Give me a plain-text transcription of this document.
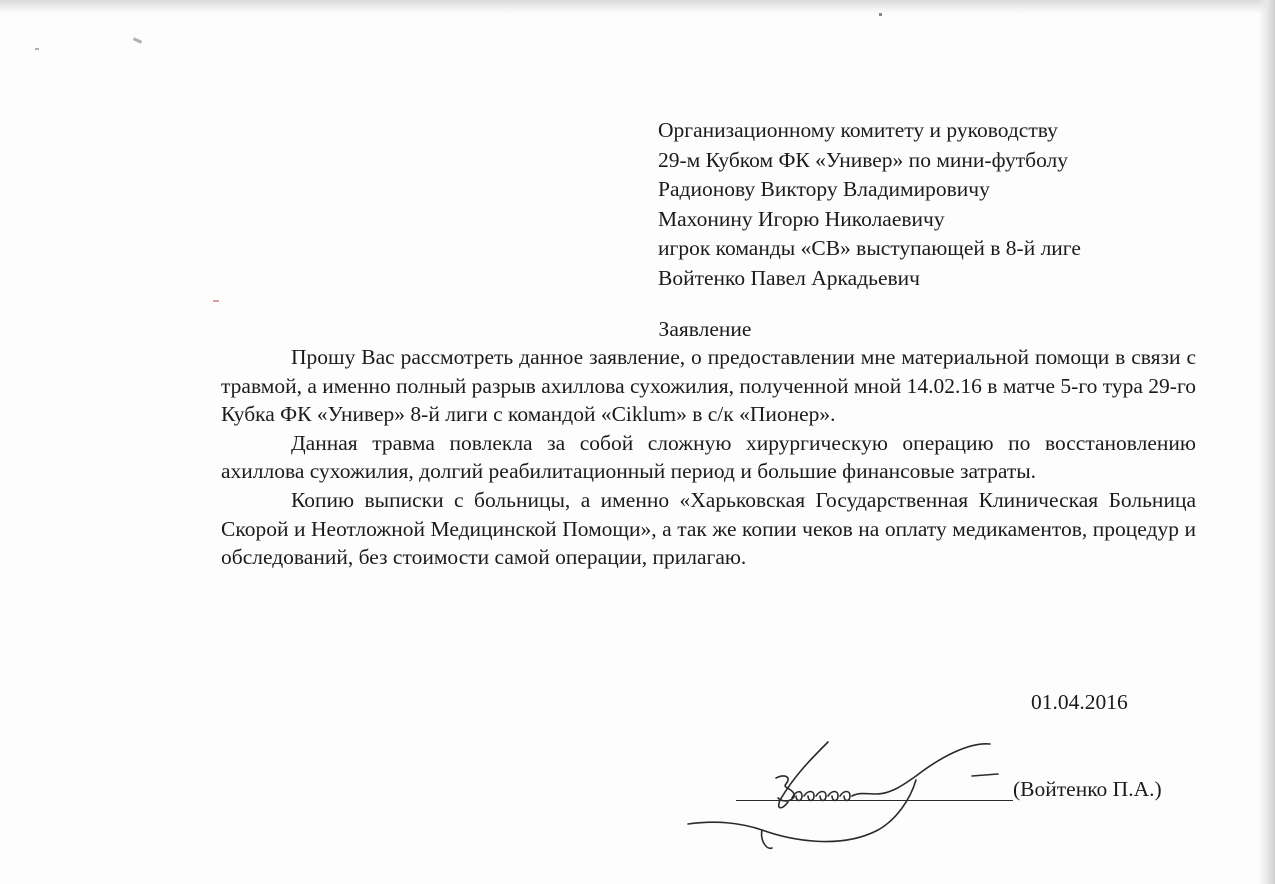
Организационному комитету и руководству
29-м Кубком ФК «Универ» по мини-футболу
Радионову Виктору Владимировичу
Махонину Игорю Николаевичу
игрок команды «СВ» выступающей в 8-й лиге
Войтенко Павел Аркадьевич
Заявление

Прошу Вас рассмотреть данное заявление, о предоставлении мне материальной помощи в связи с травмой, а именно полный разрыв ахиллова сухожилия, полученной мной 14.02.16 в матче 5-го тура 29-го Кубка ФК «Универ» 8-й лиги с командой «Ciklum» в с/к «Пионер».

Данная травма повлекла за собой сложную хирургическую операцию по восстановлению ахиллова сухожилия, долгий реабилитационный период и большие финансовые затраты.

Копию выписки с больницы, а именно «Харьковская Государственная Клиническая Больница Скорой и Неотложной Медицинской Помощи», а так же копии чеков на оплату медикаментов, процедур и обследований, без стоимости самой операции, прилагаю.

01.04.2016
(Войтенко П.А.)
